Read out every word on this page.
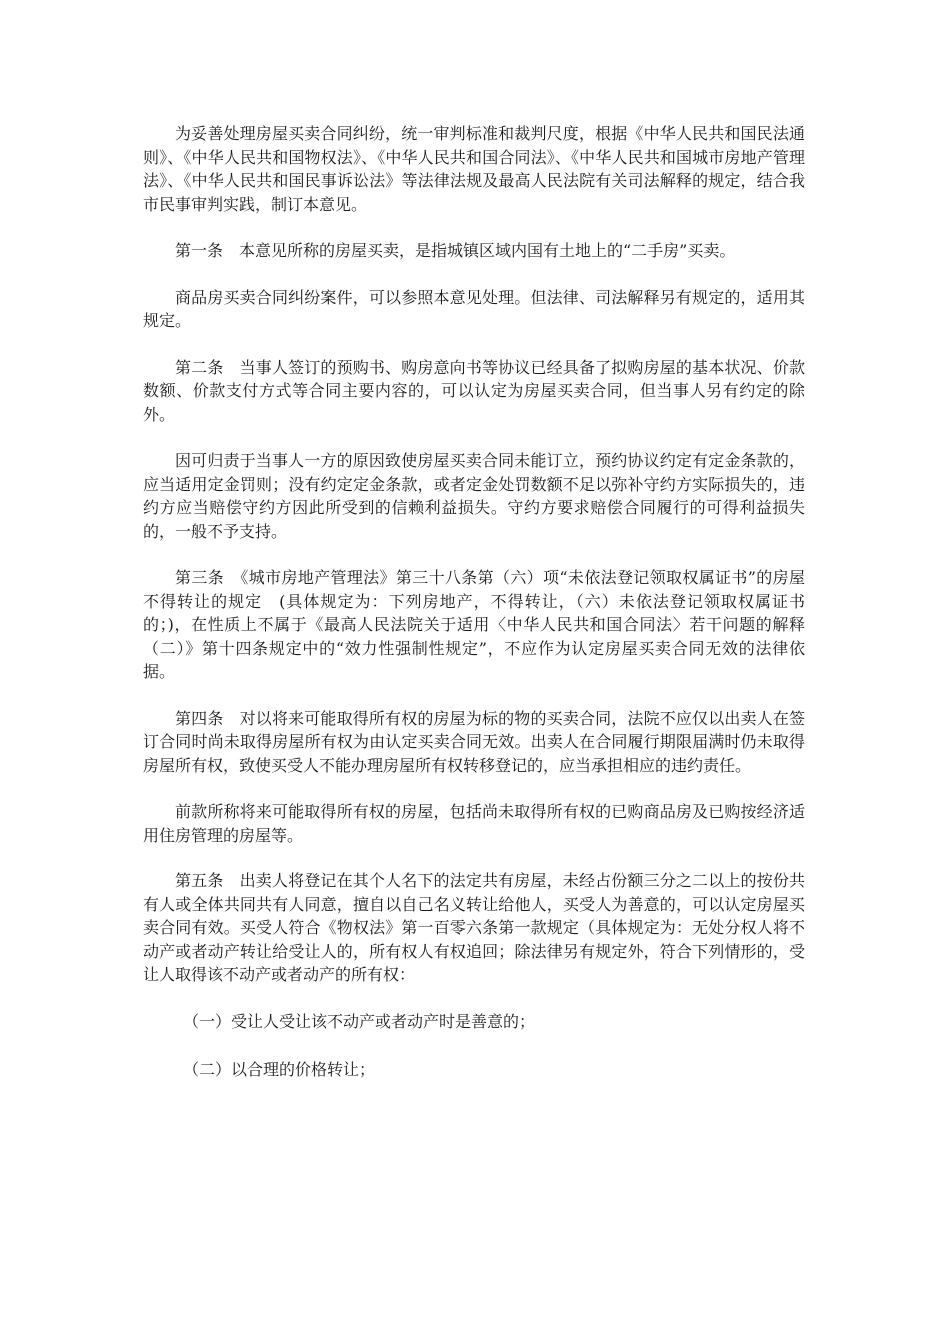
为妥善处理房屋买卖合同纠纷，统一审判标准和裁判尺度，根据《中华人民共和国民法通则》、《中华人民共和国物权法》、《中华人民共和国合同法》、《中华人民共和国城市房地产管理法》、《中华人民共和国民事诉讼法》等法律法规及最高人民法院有关司法解释的规定，结合我市民事审判实践，制订本意见。

第一条　本意见所称的房屋买卖，是指城镇区域内国有土地上的“二手房”买卖。

商品房买卖合同纠纷案件，可以参照本意见处理。但法律、司法解释另有规定的，适用其规定。

第二条　当事人签订的预购书、购房意向书等协议已经具备了拟购房屋的基本状况、价款数额、价款支付方式等合同主要内容的，可以认定为房屋买卖合同，但当事人另有约定的除外。

因可归责于当事人一方的原因致使房屋买卖合同未能订立，预约协议约定有定金条款的，应当适用定金罚则；没有约定定金条款，或者定金处罚数额不足以弥补守约方实际损失的，违约方应当赔偿守约方因此所受到的信赖利益损失。守约方要求赔偿合同履行的可得利益损失的，一般不予支持。

第三条　《城市房地产管理法》第三十八条第（六）项“未依法登记领取权属证书”的房屋不得转让的规定　(具体规定为：下列房地产，不得转让，（六）未依法登记领取权属证书的；)，在性质上不属于《最高人民法院关于适用〈中华人民共和国合同法〉若干问题的解释（二）》第十四条规定中的“效力性强制性规定”，不应作为认定房屋买卖合同无效的法律依据。

第四条　对以将来可能取得所有权的房屋为标的物的买卖合同，法院不应仅以出卖人在签订合同时尚未取得房屋所有权为由认定买卖合同无效。出卖人在合同履行期限届满时仍未取得房屋所有权，致使买受人不能办理房屋所有权转移登记的，应当承担相应的违约责任。

前款所称将来可能取得所有权的房屋，包括尚未取得所有权的已购商品房及已购按经济适用住房管理的房屋等。

第五条　出卖人将登记在其个人名下的法定共有房屋，未经占份额三分之二以上的按份共有人或全体共同共有人同意，擅自以自己名义转让给他人，买受人为善意的，可以认定房屋买卖合同有效。买受人符合《物权法》第一百零六条第一款规定（具体规定为：无处分权人将不动产或者动产转让给受让人的，所有权人有权追回；除法律另有规定外，符合下列情形的，受让人取得该不动产或者动产的所有权：

（一）受让人受让该不动产或者动产时是善意的；

（二）以合理的价格转让；
